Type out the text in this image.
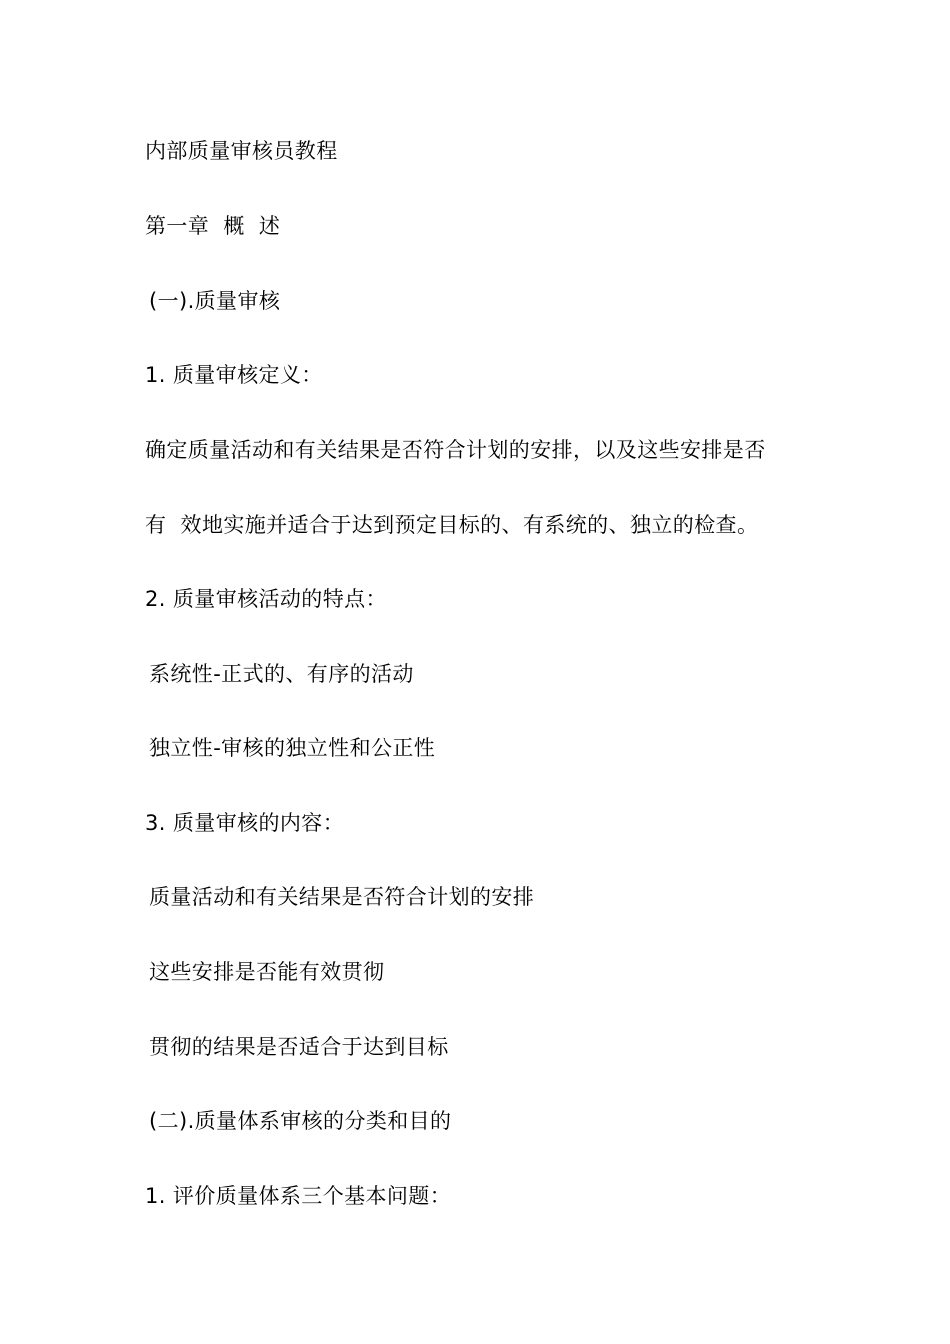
内部质量审核员教程
第一章  概  述
(一).质量审核
1. 质量审核定义：
确定质量活动和有关结果是否符合计划的安排，以及这些安排是否
有  效地实施并适合于达到预定目标的、有系统的、独立的检查。
2. 质量审核活动的特点：
系统性-正式的、有序的活动
独立性-审核的独立性和公正性
3. 质量审核的内容：
质量活动和有关结果是否符合计划的安排
这些安排是否能有效贯彻
贯彻的结果是否适合于达到目标
(二).质量体系审核的分类和目的
1. 评价质量体系三个基本问题：
